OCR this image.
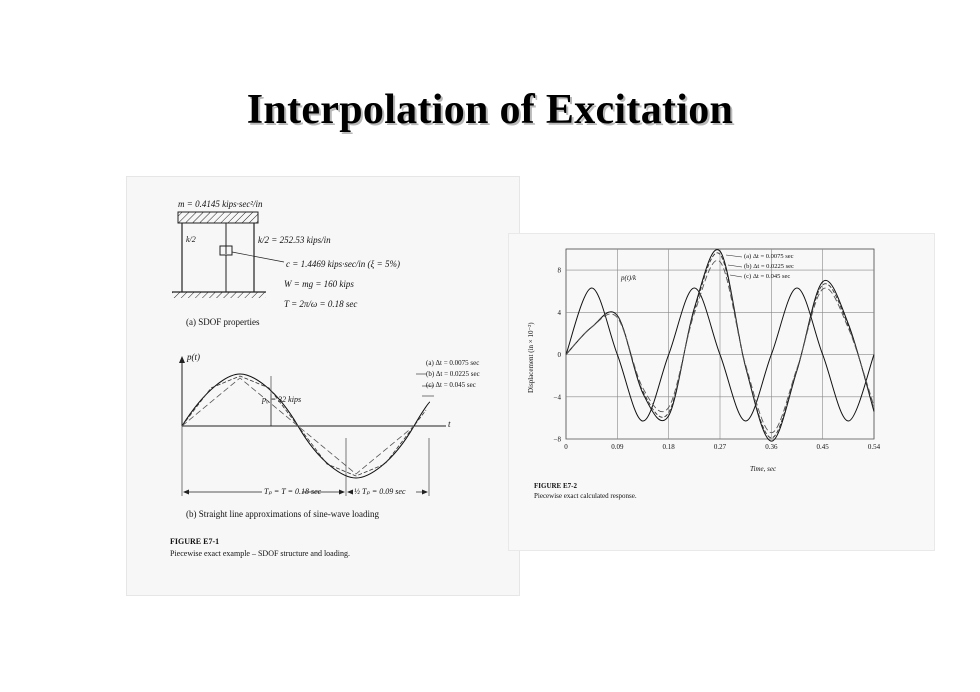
Interpolation of Excitation
m = 0.4145 kips·sec²/in
k/2	k/2 = 252.53 kips/in
c = 1.4469 kips·sec/in (ξ = 5%)
W = mg = 160 kips
T = 2π/ω = 0.18 sec
(a) SDOF properties
p(t)
t
p₀ = 32 kips
(a) Δt = 0.0075 sec
(b) Δt = 0.0225 sec
(c) Δt = 0.045 sec
Tₚ = T = 0.18 sec	½ Tₚ = 0.09 sec
(b) Straight line approximations of sine-wave loading
FIGURE E7-1
Piecewise exact example – SDOF structure and loading.
0	0.09	0.18	0.27	0.36	0.45	0.54
−8
−4
0
4
8
(a) Δt = 0.0075 sec
(b) Δt = 0.0225 sec
(c) Δt = 0.045 sec
p(t)/k
Time, sec
Displacement (in × 10⁻²)
FIGURE E7-2
Piecewise exact calculated response.
